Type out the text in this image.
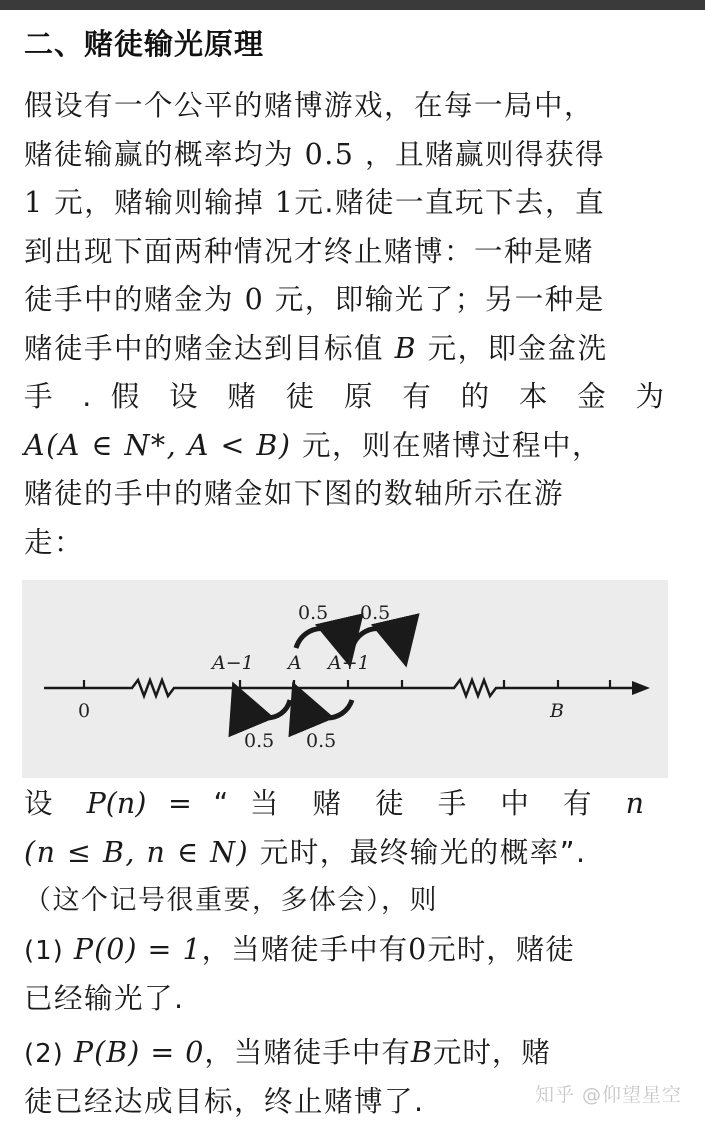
二、赌徒输光原理
假设有一个公平的赌博游戏，在每一局中，
赌徒输赢的概率均为 0.5 ，且赌赢则得获得
1 元，赌输则输掉 1元.赌徒一直玩下去，直
到出现下面两种情况才终止赌博：一种是赌
徒手中的赌金为 0 元，即输光了；另一种是
赌徒手中的赌金达到目标值 B 元，即金盆洗
手 . 假 设 赌 徒 原 有 的 本 金 为
A(A ∈ N*, A < B) 元，则在赌博过程中，
赌徒的手中的赌金如下图的数轴所示在游
走：
0.5 0.5
A−1 A A+1
0	B
0.5 0.5
设 P(n) = “ 当 赌 徒 手 中 有 n
(n ≤ B, n ∈ N) 元时，最终输光的概率”.
（这个记号很重要，多体会），则
(1) P(0) = 1，当赌徒手中有0元时，赌徒
已经输光了.
(2) P(B) = 0，当赌徒手中有B元时，赌
徒已经达成目标，终止赌博了.	知乎 @仰望星空
